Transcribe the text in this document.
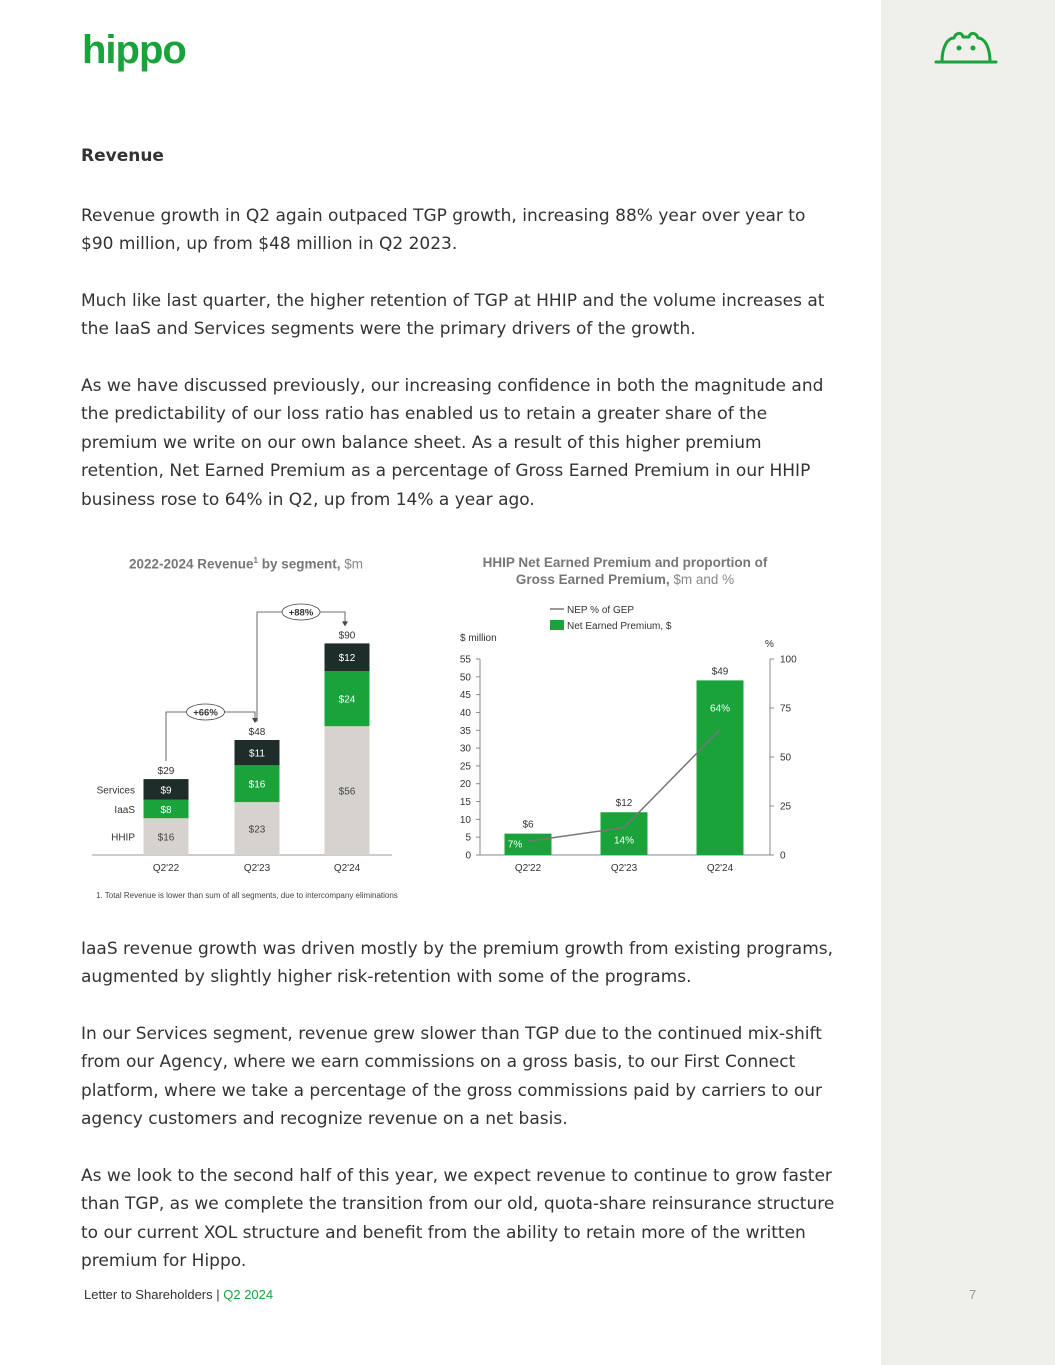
hippo
Revenue

Revenue growth in Q2 again outpaced TGP growth, increasing 88% year over year to $90 million, up from $48 million in Q2 2023.

Much like last quarter, the higher retention of TGP at HHIP and the volume increases at the IaaS and Services segments were the primary drivers of the growth.

As we have discussed previously, our increasing confidence in both the magnitude and the predictability of our loss ratio has enabled us to retain a greater share of the premium we write on our own balance sheet. As a result of this higher premium retention, Net Earned Premium as a percentage of Gross Earned Premium in our HHIP business rose to 64% in Q2, up from 14% a year ago.

2022-2024 Revenue$^1$ by segment, $m	HHIP Net Earned Premium and proportion of
Gross Earned Premium, $m and %
$16
$8
$9
$29
Q2'22
$23
$16
$11
$48
Q2'23
$56
$24
$12
$90
Q2'24
HHIP
IaaS
Services
+66%
+88%	NEP % of GEP
Net Earned Premium, $
$ million
%
0
5
10
15
20
25
30
35
40
45
50
55
0
25
50
75
100
$6
Q2'22
$12
Q2'23
$49
Q2'24
7%	14%
64%
1. Total Revenue is lower than sum of all segments, due to intercompany eliminations

IaaS revenue growth was driven mostly by the premium growth from existing programs, augmented by slightly higher risk-retention with some of the programs.

In our Services segment, revenue grew slower than TGP due to the continued mix-shift from our Agency, where we earn commissions on a gross basis, to our First Connect platform, where we take a percentage of the gross commissions paid by carriers to our agency customers and recognize revenue on a net basis.

As we look to the second half of this year, we expect revenue to continue to grow faster than TGP, as we complete the transition from our old, quota-share reinsurance structure to our current XOL structure and benefit from the ability to retain more of the written premium for Hippo.

Letter to Shareholders | Q2 2024	7
